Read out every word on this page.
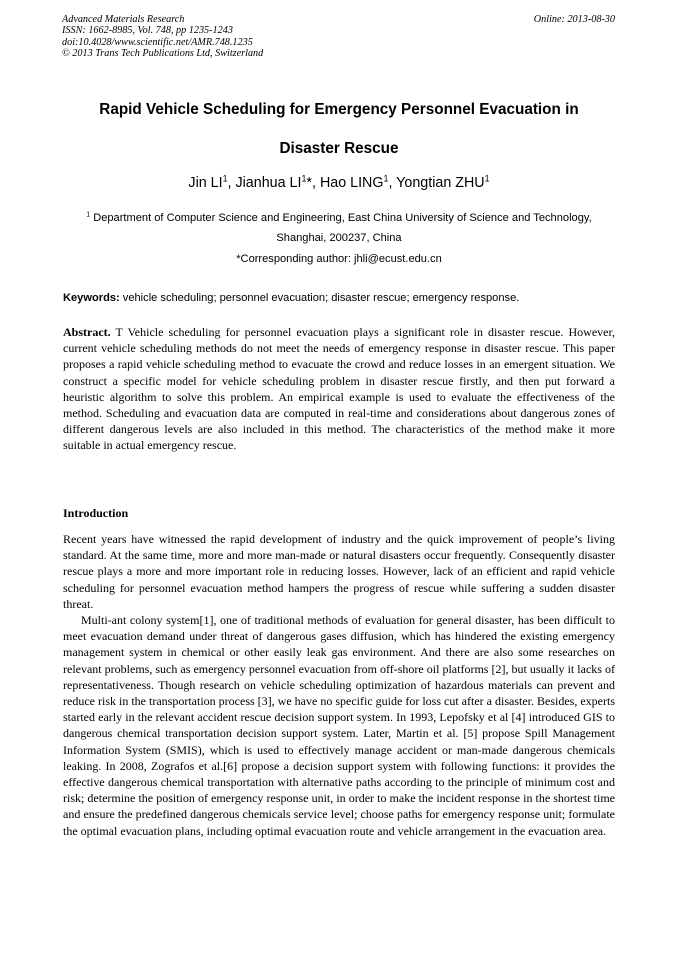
Advanced Materials Research
ISSN: 1662-8985, Vol. 748, pp 1235-1243
doi:10.4028/www.scientific.net/AMR.748.1235
© 2013 Trans Tech Publications Ltd, Switzerland
Online: 2013-08-30
Rapid Vehicle Scheduling for Emergency Personnel Evacuation in
Disaster Rescue
Jin $LI^1$, Jianhua $LI^1*$, Hao LING$^1$, Yongtian ZHU$^1$
$^1$ Department of Computer Science and Engineering, East China University of Science and Technology, Shanghai, 200237, China
*Corresponding author: jhli@ecust.edu.cn
Keywords: vehicle scheduling; personnel evacuation; disaster rescue; emergency response.
Abstract. T Vehicle scheduling for personnel evacuation plays a significant role in disaster rescue. However, current vehicle scheduling methods do not meet the needs of emergency response in disaster rescue. This paper proposes a rapid vehicle scheduling method to evacuate the crowd and reduce losses in an emergent situation. We construct a specific model for vehicle scheduling problem in disaster rescue firstly, and then put forward a heuristic algorithm to solve this problem. An empirical example is used to evaluate the effectiveness of the method. Scheduling and evacuation data are computed in real-time and considerations about dangerous zones of different dangerous levels are also included in this method. The characteristics of the method make it more suitable in actual emergency rescue.
Introduction
Recent years have witnessed the rapid development of industry and the quick improvement of people’s living standard. At the same time, more and more man-made or natural disasters occur frequently. Consequently disaster rescue plays a more and more important role in reducing losses. However, lack of an efficient and rapid vehicle scheduling for personnel evacuation method hampers the progress of rescue while suffering a sudden disaster threat.
Multi-ant colony system[1], one of traditional methods of evaluation for general disaster, has been difficult to meet evacuation demand under threat of dangerous gases diffusion, which has hindered the existing emergency management system in chemical or other easily leak gas environment. And there are also some researches on relevant problems, such as emergency personnel evacuation from off-shore oil platforms [2], but usually it lacks of representativeness. Though research on vehicle scheduling optimization of hazardous materials can prevent and reduce risk in the transportation process [3], we have no specific guide for loss cut after a disaster. Besides, experts started early in the relevant accident rescue decision support system. In 1993, Lepofsky et al [4] introduced GIS to dangerous chemical transportation decision support system. Later, Martin et al. [5] propose Spill Management Information System (SMIS), which is used to effectively manage accident or man-made dangerous chemicals leaking. In 2008, Zografos et al.[6] propose a decision support system with following functions: it provides the effective dangerous chemical transportation with alternative paths according to the principle of minimum cost and risk; determine the position of emergency response unit, in order to make the incident response in the shortest time and ensure the predefined dangerous chemicals service level; choose paths for emergency response unit; formulate the optimal evacuation plans, including optimal evacuation route and vehicle arrangement in the evacuation area.
